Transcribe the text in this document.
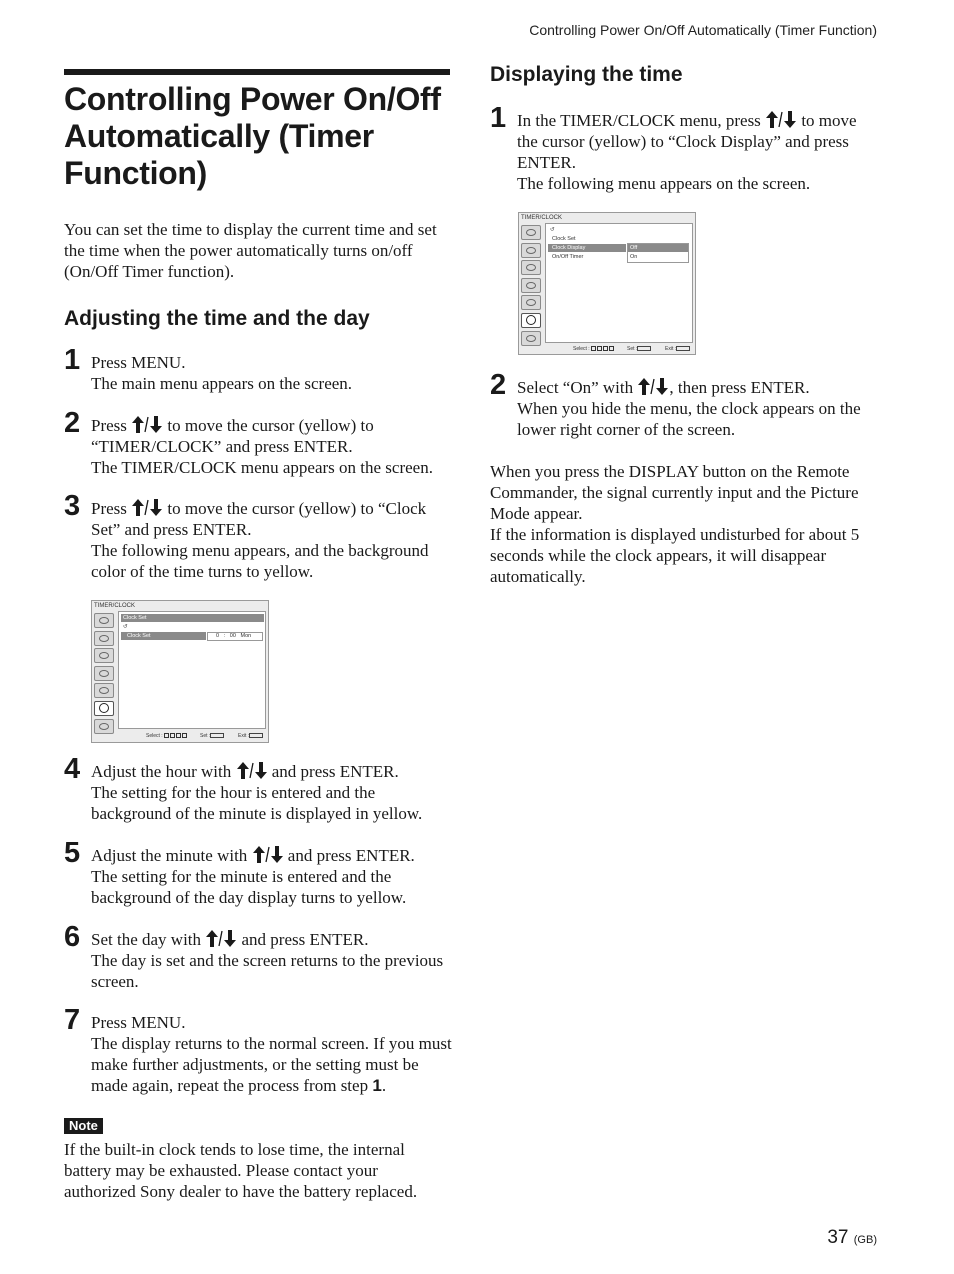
Controlling Power On/Off Automatically (Timer Function)
Controlling Power On/Off Automatically (Timer Function)

You can set the time to display the current time and set the time when the power automatically turns on/off (On/Off Timer function).

Adjusting the time and the day
1 Press MENU.
The main menu appears on the screen.
2 Press to move the cursor (yellow) to “TIMER/CLOCK” and press ENTER.
The TIMER/CLOCK menu appears on the screen.
3 Press to move the cursor (yellow) to “Clock Set” and press ENTER.
The following menu appears, and the background color of the time turns to yellow.
TIMER/CLOCK
Clock Set
↺
Clock Set	0 : 00 Mon
Select :	Set :	Exit :
4 Adjust the hour with and press ENTER.
The setting for the hour is entered and the background of the minute is displayed in yellow.
5 Adjust the minute with and press ENTER.
The setting for the minute is entered and the background of the day display turns to yellow.
6 Set the day with and press ENTER.
The day is set and the screen returns to the previous screen.
7 Press MENU.
The display returns to the normal screen. If you must make further adjustments, or the setting must be made again, repeat the process from step 1.
Note

If the built-in clock tends to lose time, the internal battery may be exhausted. Please contact your authorized Sony dealer to have the battery replaced.

Displaying the time
1 In the TIMER/CLOCK menu, press to move the cursor (yellow) to “Clock Display” and press ENTER.
The following menu appears on the screen.
TIMER/CLOCK
↺
Clock Set
Clock Display
On/Off Timer
Off
On
Select :	Set :	Exit :
2 Select “On” with , then press ENTER.
When you hide the menu, the clock appears on the lower right corner of the screen.

When you press the DISPLAY button on the Remote Commander, the signal currently input and the Picture Mode appear.

If the information is displayed undisturbed for about 5 seconds while the clock appears, it will disappear automatically.

37 (GB)
